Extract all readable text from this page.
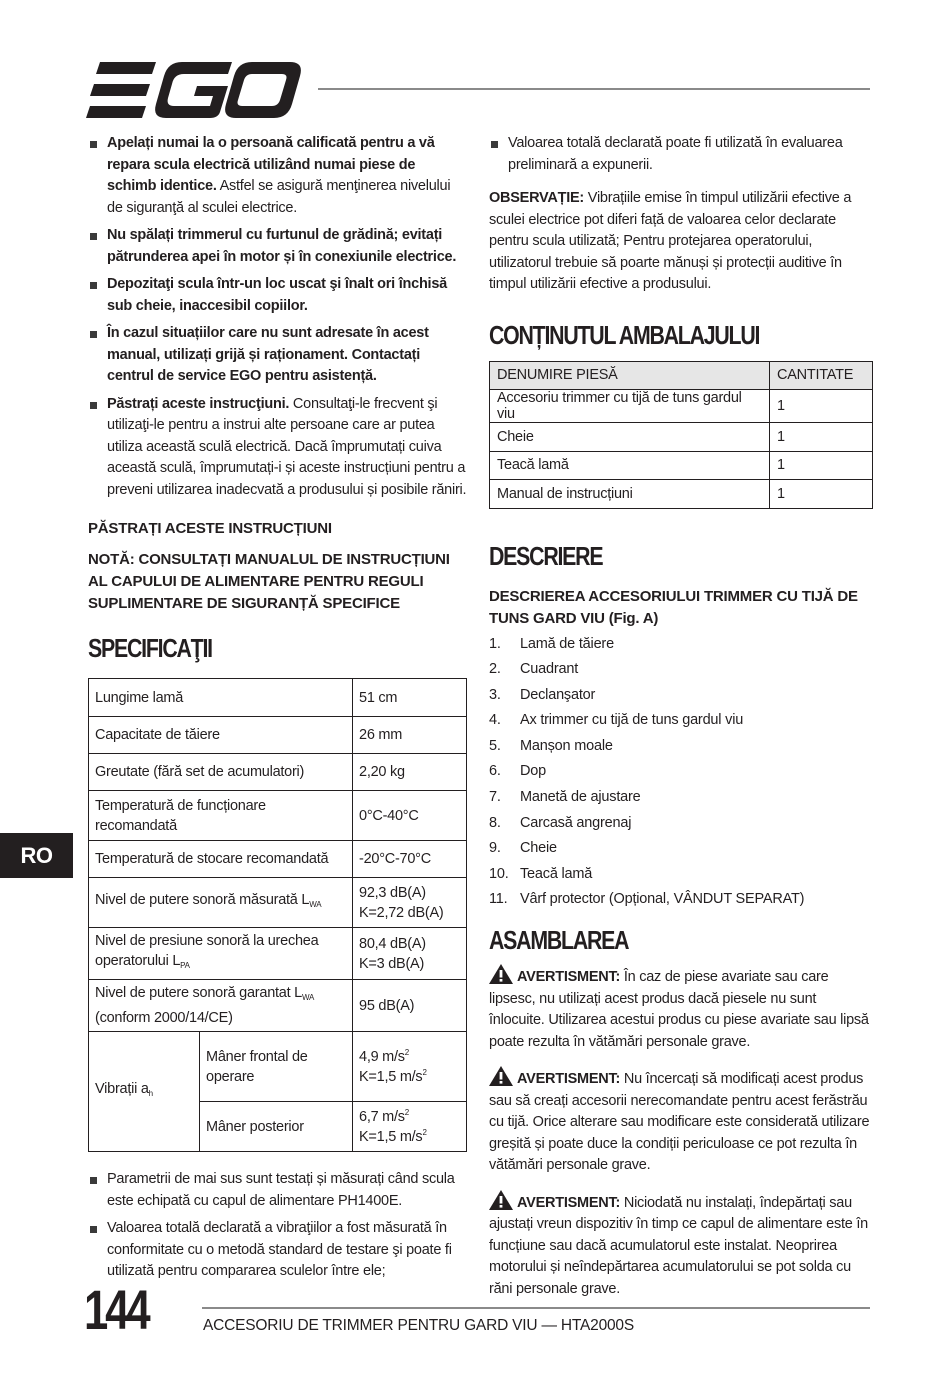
Apelați numai la o persoană calificată pentru a vă repara scula electrică utilizând numai piese de schimb identice. Astfel se asigură menţinerea nivelului de siguranţă al sculei electrice.
Nu spălați trimmerul cu furtunul de grădină; evitați pătrunderea apei în motor și în conexiunile electrice.
Depozitaţi scula într-un loc uscat şi înalt ori închisă sub cheie, inaccesibil copiilor.
În cazul situațiilor care nu sunt adresate în acest manual, utilizați grijă și raționament. Contactați centrul de service EGO pentru asistență.
Păstrați aceste instrucţiuni. Consultaţi-le frecvent şi utilizaţi-le pentru a instrui alte persoane care ar putea utiliza această sculă electrică. Dacă împrumutați cuiva această sculă, împrumutați-i și aceste instrucțiuni pentru a preveni utilizarea inadecvată a produsului și posibile răniri.
PĂSTRAȚI ACESTE INSTRUCȚIUNI
NOTĂ: CONSULTAȚI MANUALUL DE INSTRUCȚIUNI AL CAPULUI DE ALIMENTARE PENTRU REGULI SUPLIMENTARE DE SIGURANȚĂ SPECIFICE
SPECIFICAŢII
Lungime lamă		51 cm
Capacitate de tăiere		26 mm
Greutate (fără set de acumulatori)		2,20 kg
Temperatură de funcționare recomandată		0°C-40°C
Temperatură de stocare recomandată		-20°C-70°C
Nivel de putere sonoră măsurată $L_{WA}$		92,3 dB(A)
K=2,72 dB(A)
Nivel de presiune sonoră la urechea operatorului $L_{PA}$		80,4 dB(A)
K=3 dB(A)
Nivel de putere sonoră garantat $L_{WA}$
(conform 2000/14/CE)		95 dB(A)
Vibrații $a_h$	Mâner frontal de operare	4,9 $m/s^2$
K=1,5 $m/s^2$
	Mâner posterior	6,7 $m/s^2$
K=1,5 $m/s^2$
Parametrii de mai sus sunt testați și măsurați când scula este echipată cu capul de alimentare PH1400E.
Valoarea totală declarată a vibraţiilor a fost măsurată în conformitate cu o metodă standard de testare şi poate fi utilizată pentru compararea sculelor între ele;
Valoarea totală declarată poate fi utilizată în evaluarea preliminară a expunerii.
OBSERVAȚIE: Vibrațiile emise în timpul utilizării efective a sculei electrice pot diferi față de valoarea celor declarate pentru scula utilizată; Pentru protejarea operatorului, utilizatorul trebuie să poarte mănuși și protecții auditive în timpul utilizării efective a produsului.
CONȚINUTUL AMBALAJULUI
DENUMIRE PIESĂ	CANTITATE
Accesoriu trimmer cu tijă de tuns gardul viu	1
Cheie	1
Teacă lamă	1
Manual de instrucțiuni	1
DESCRIERE
DESCRIEREA ACCESORIULUI TRIMMER CU TIJĂ DE TUNS GARD VIU (Fig. A)
1.	Lamă de tăiere
2.	Cuadrant
3.	Declanşator
4.	Ax trimmer cu tijă de tuns gardul viu
5.	Manșon moale
6.	Dop
7.	Manetă de ajustare
8.	Carcasă angrenaj
9.	Cheie
10. Teacă lamă
11. Vârf protector (Opțional, VÂNDUT SEPARAT)
ASAMBLAREA
AVERTISMENT: În caz de piese avariate sau care lipsesc, nu utilizați acest produs dacă piesele nu sunt înlocuite. Utilizarea acestui produs cu piese avariate sau lipsă poate rezulta în vătămări personale grave.
AVERTISMENT: Nu încercați să modificați acest produs sau să creați accesorii nerecomandate pentru acest ferăstrău cu tijă. Orice alterare sau modificare este considerată utilizare greșită și poate duce la condiții periculoase ce pot rezulta în vătămări personale grave.
AVERTISMENT: Niciodată nu instalați, îndepărtați sau ajustați vreun dispozitiv în timp ce capul de alimentare este în funcțiune sau dacă acumulatorul este instalat. Neoprirea motorului și neîndepărtarea acumulatorului se pot solda cu răni personale grave.
RO
144	ACCESORIU DE TRIMMER PENTRU GARD VIU — HTA2000S
